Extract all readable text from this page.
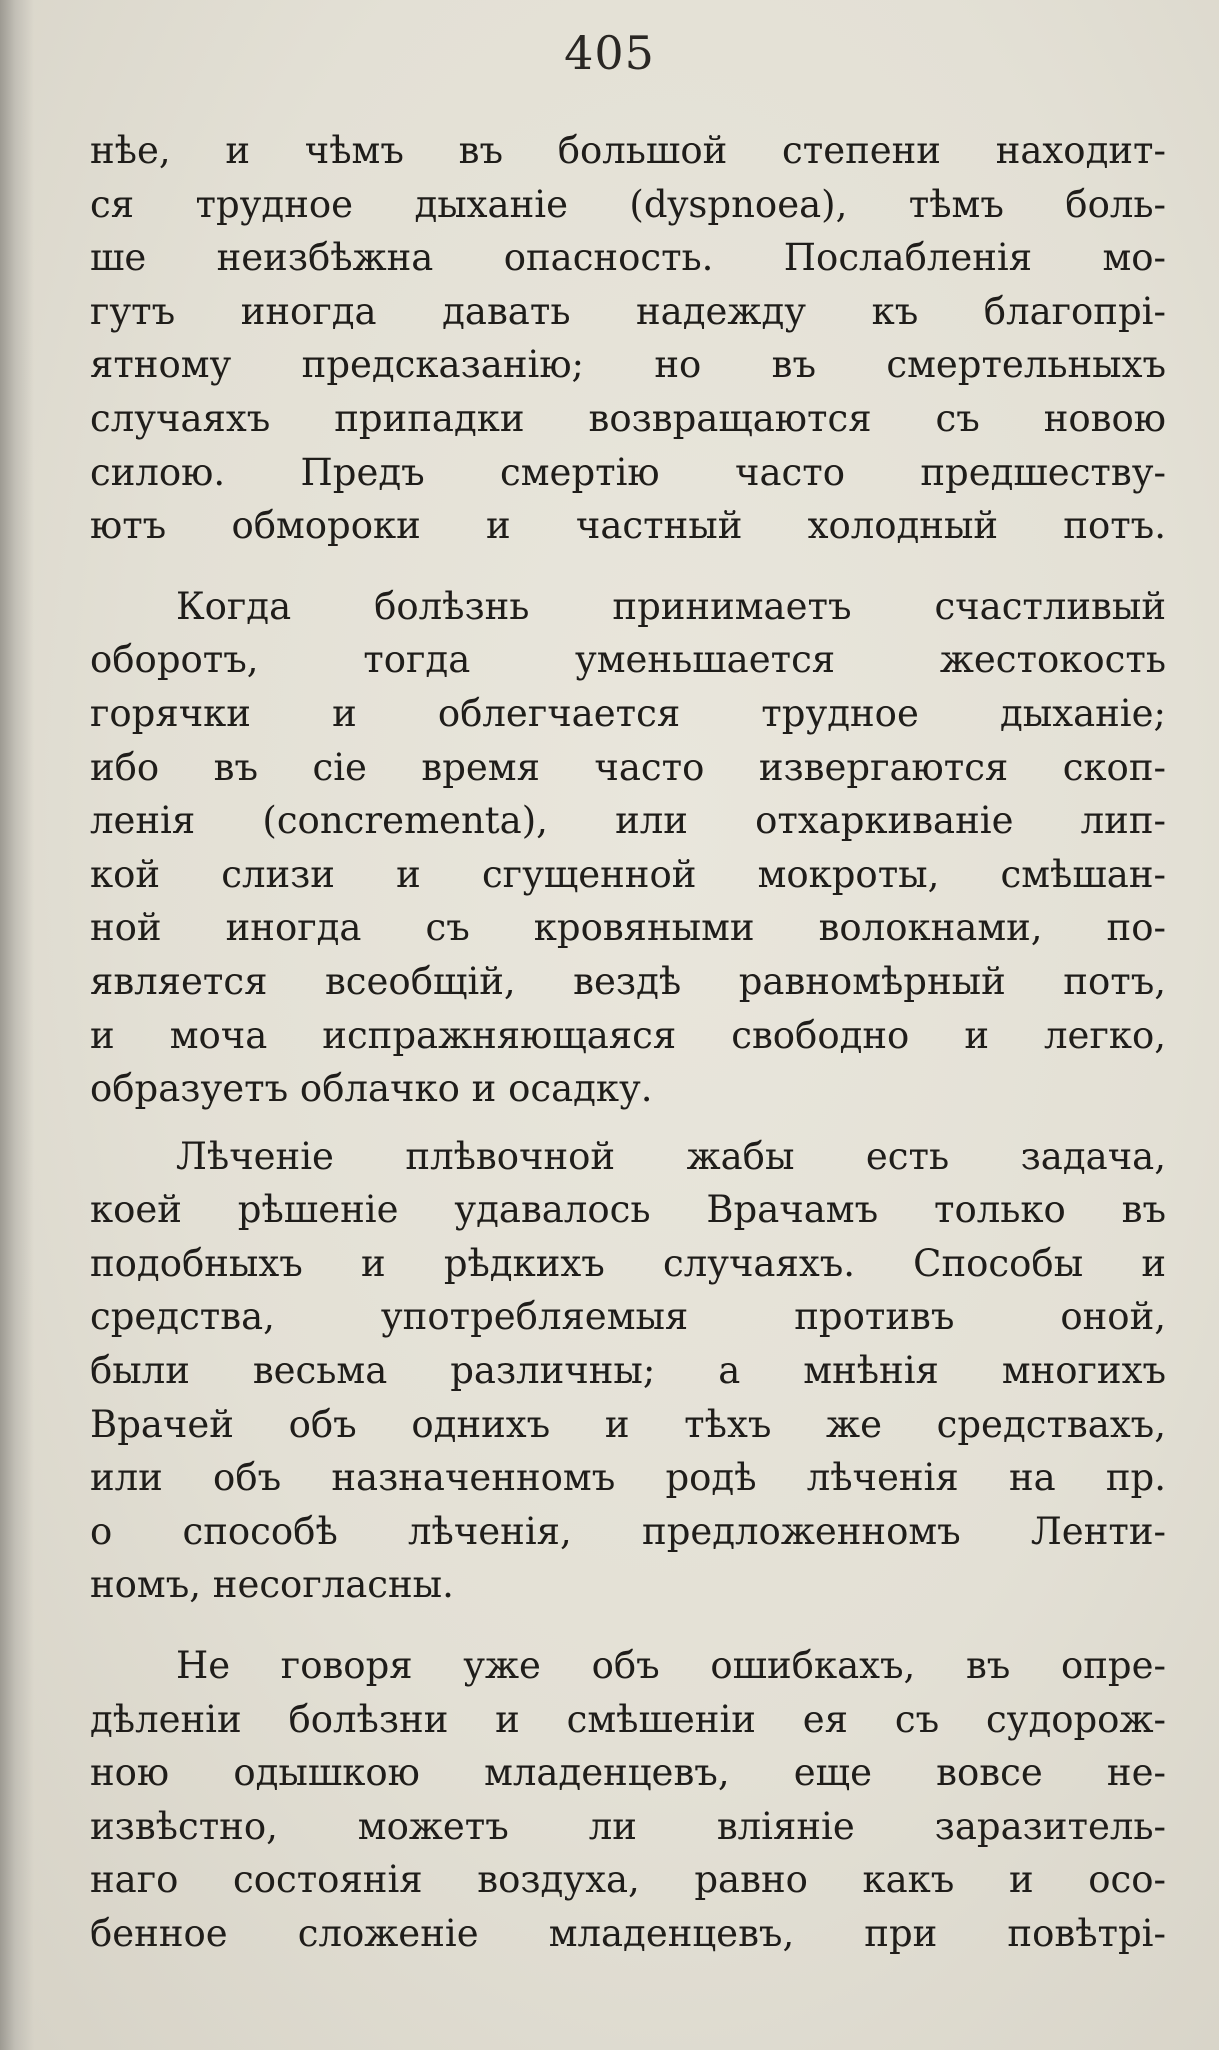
405
нѣе, и чѣмъ въ большой степени находит-
ся трудное дыханіе (dyspnoea), тѣмъ боль-
ше неизбѣжна опасность. Послабленія мо-
гутъ иногда давать надежду къ благопрі-
ятному предсказанію; но въ смертельныхъ
случаяхъ припадки возвращаются съ новою
силою. Предъ смертію часто предшеству-
ютъ обмороки и частный холодный потъ.
Когда болѣзнь принимаетъ счастливый
оборотъ, тогда уменьшается жестокость
горячки и облегчается трудное дыханіе;
ибо въ сіе время часто извергаются скоп-
ленія (concrementa), или отхаркиваніе лип-
кой слизи и сгущенной мокроты, смѣшан-
ной иногда съ кровяными волокнами, по-
является всеобщій, вездѣ равномѣрный потъ,
и моча испражняющаяся свободно и легко,
образуетъ облачко и осадку.
Лѣченіе плѣвочной жабы есть задача,
коей рѣшеніе удавалось Врачамъ только въ
подобныхъ и рѣдкихъ случаяхъ. Способы и
средства, употребляемыя противъ оной,
были весьма различны; а мнѣнія многихъ
Врачей объ однихъ и тѣхъ же средствахъ,
или объ назначенномъ родѣ лѣченія на пр.
о способѣ лѣченія, предложенномъ Ленти-
номъ, несогласны.
Не говоря уже объ ошибкахъ, въ опре-
дѣленіи болѣзни и смѣшеніи ея съ судорож-
ною одышкою младенцевъ, еще вовсе не-
извѣстно, можетъ ли вліяніе заразитель-
наго состоянія воздуха, равно какъ и осо-
бенное сложеніе младенцевъ, при повѣтрі-
